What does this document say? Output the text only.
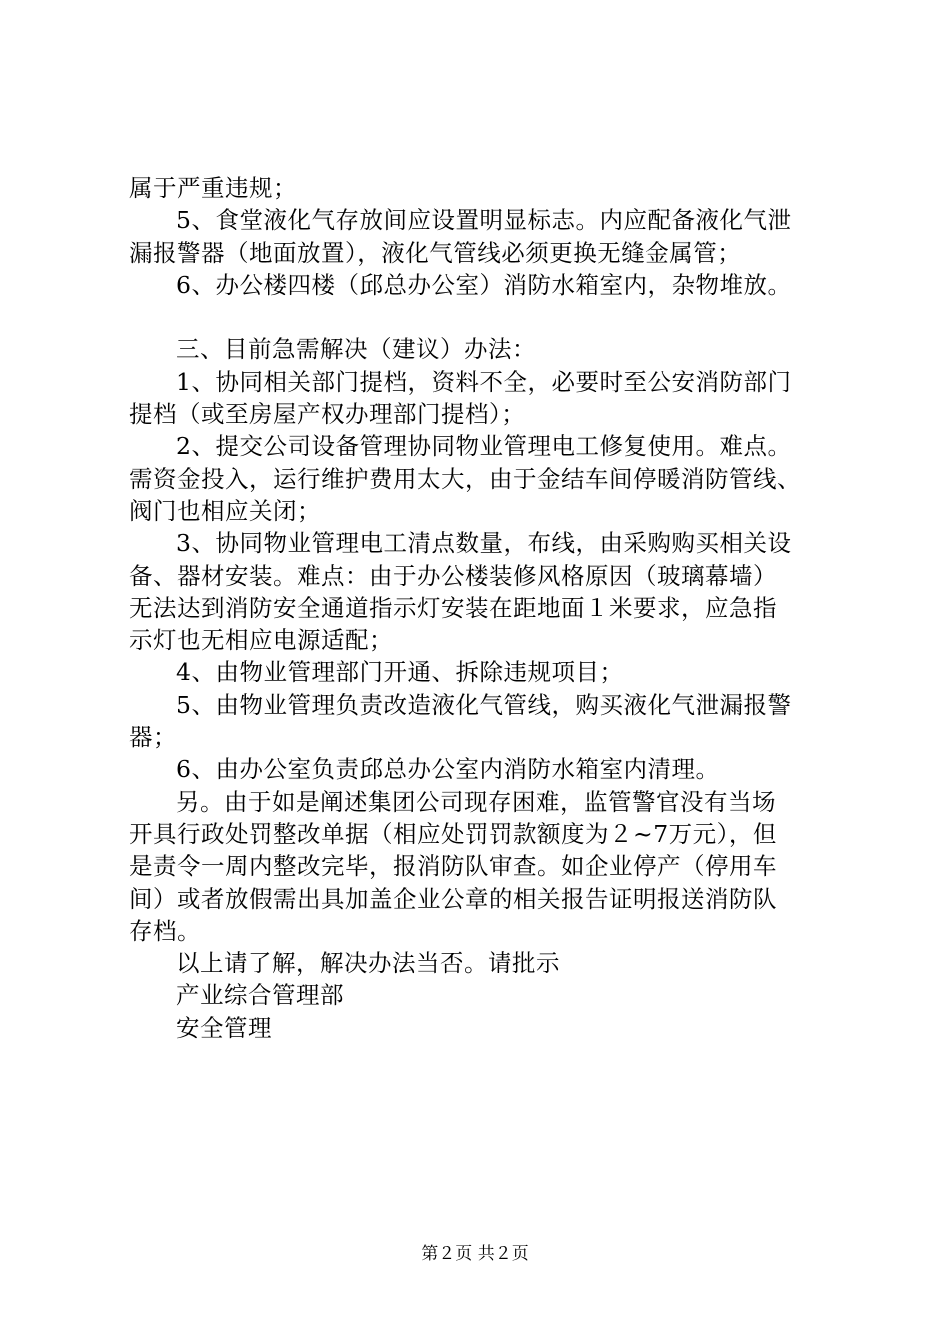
属于严重违规；
5、食堂液化气存放间应设置明显标志。内应配备液化气泄
漏报警器（地面放置），液化气管线必须更换无缝金属管；
6、办公楼四楼（邱总办公室）消防水箱室内，杂物堆放。
三、目前急需解决（建议）办法：
1、协同相关部门提档，资料不全，必要时至公安消防部门
提档（或至房屋产权办理部门提档）；
2、提交公司设备管理协同物业管理电工修复使用。难点。
需资金投入，运行维护费用太大，由于金结车间停暖消防管线、
阀门也相应关闭；
3、协同物业管理电工清点数量，布线，由采购购买相关设
备、器材安装。难点：由于办公楼装修风格原因（玻璃幕墙）
无法达到消防安全通道指示灯安装在距地面１米要求，应急指
示灯也无相应电源适配；
4、由物业管理部门开通、拆除违规项目；
5、由物业管理负责改造液化气管线，购买液化气泄漏报警
器；
6、由办公室负责邱总办公室内消防水箱室内清理。
另。由于如是阐述集团公司现存困难，监管警官没有当场
开具行政处罚整改单据（相应处罚罚款额度为２~7万元），但
是责令一周内整改完毕，报消防队审查。如企业停产（停用车
间）或者放假需出具加盖企业公章的相关报告证明报送消防队
存档。
以上请了解，解决办法当否。请批示
产业综合管理部
安全管理
第２页 共２页
